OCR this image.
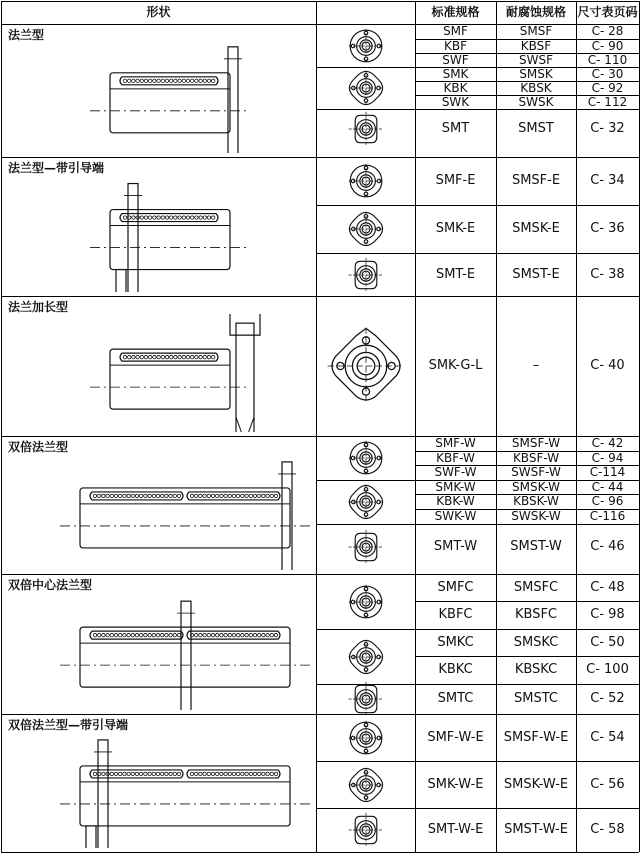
形状	标准规格	耐腐蚀规格 尺寸表页码
法兰型	SMF	SMSF	C- 28
KBF	KBSF	C- 90
SWF	SWSF	C- 110
SMK	SMSK	C- 30
KBK	KBSK	C- 92
SWK	SWSK	C- 112
SMT	SMST	C- 32
法兰型—带引导端
SMF-E	SMSF-E	C- 34
SMK-E	SMSK-E	C- 36
SMT-E	SMST-E	C- 38
法兰加长型
SMK-G-L	–	C- 40
双倍法兰型	SMF-W	SMSF-W	C- 42
KBF-W	KBSF-W	C- 94
SWF-W	SWSF-W	C-114
SMK-W	SMSK-W	C- 44
KBK-W	KBSK-W	C- 96
SWK-W	SWSK-W	C-116
SMT-W	SMST-W	C- 46
双倍中心法兰型	SMFC	SMSFC	C- 48
KBFC	KBSFC	C- 98
SMKC	SMSKC	C- 50
KBKC	KBSKC	C- 100
SMTC	SMSTC	C- 52
双倍法兰型—带引导端
SMF-W-E	SMSF-W-E	C- 54
SMK-W-E	SMSK-W-E	C- 56
SMT-W-E	SMST-W-E	C- 58
